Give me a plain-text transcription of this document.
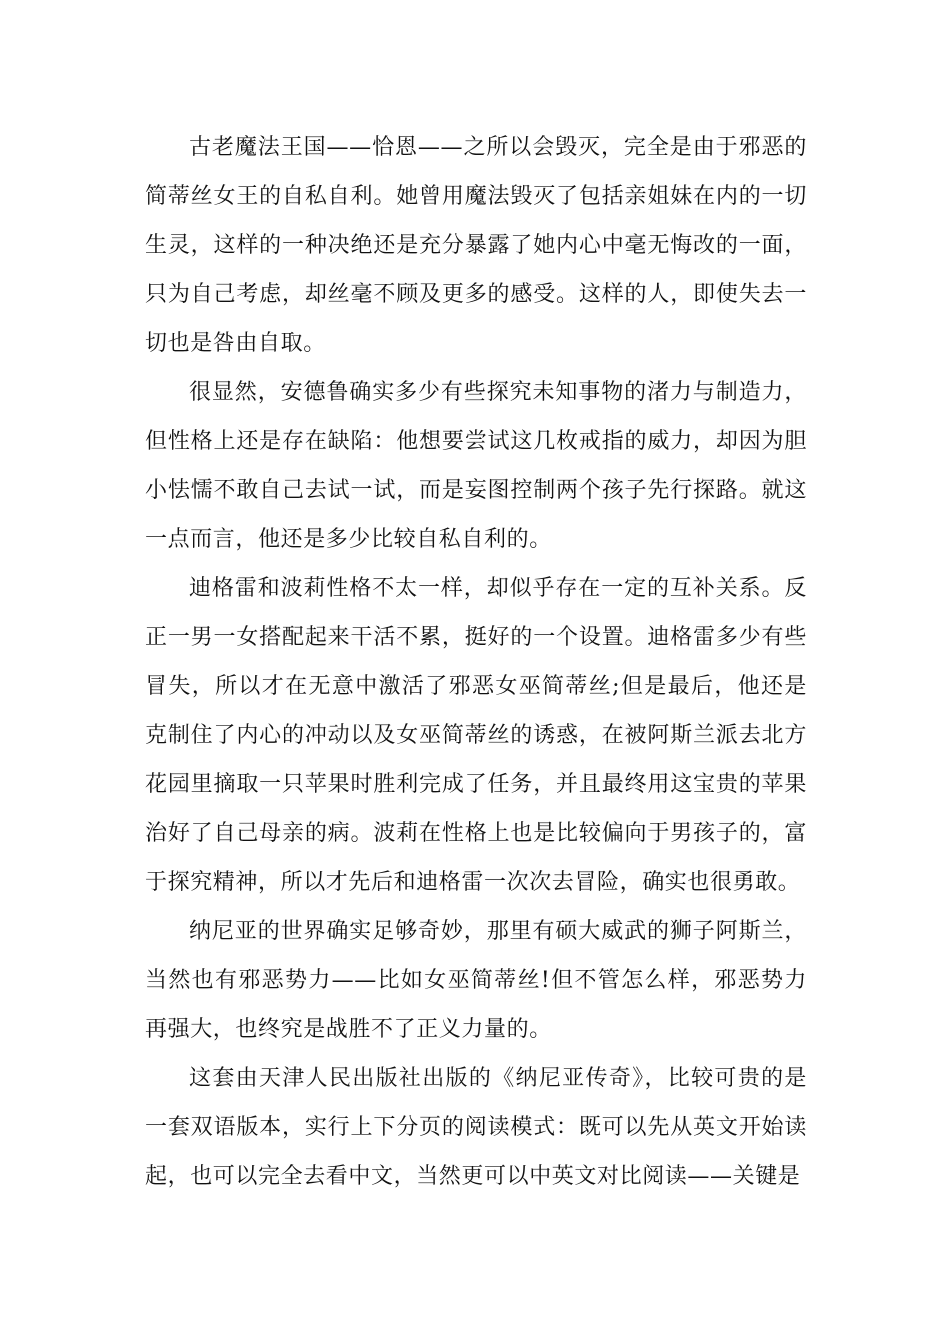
古老魔法王国——恰恩——之所以会毁灭，完全是由于邪恶的简蒂丝女王的自私自利。她曾用魔法毁灭了包括亲姐妹在内的一切生灵，这样的一种决绝还是充分暴露了她内心中毫无悔改的一面，只为自己考虑，却丝毫不顾及更多的感受。这样的人，即使失去一切也是咎由自取。

很显然，安德鲁确实多少有些探究未知事物的渚力与制造力，但性格上还是存在缺陷：他想要尝试这几枚戒指的威力，却因为胆小怯懦不敢自己去试一试，而是妄图控制两个孩子先行探路。就这一点而言，他还是多少比较自私自利的。

迪格雷和波莉性格不太一样，却似乎存在一定的互补关系。反正一男一女搭配起来干活不累，挺好的一个设置。迪格雷多少有些冒失，所以才在无意中激活了邪恶女巫简蒂丝;但是最后，他还是克制住了内心的冲动以及女巫简蒂丝的诱惑，在被阿斯兰派去北方花园里摘取一只苹果时胜利完成了任务，并且最终用这宝贵的苹果治好了自己母亲的病。波莉在性格上也是比较偏向于男孩子的，富于探究精神，所以才先后和迪格雷一次次去冒险，确实也很勇敢。

纳尼亚的世界确实足够奇妙，那里有硕大威武的狮子阿斯兰，当然也有邪恶势力——比如女巫简蒂丝!但不管怎么样，邪恶势力再强大，也终究是战胜不了正义力量的。

这套由天津人民出版社出版的《纳尼亚传奇》，比较可贵的是一套双语版本，实行上下分页的阅读模式：既可以先从英文开始读起，也可以完全去看中文，当然更可以中英文对比阅读——关键是
